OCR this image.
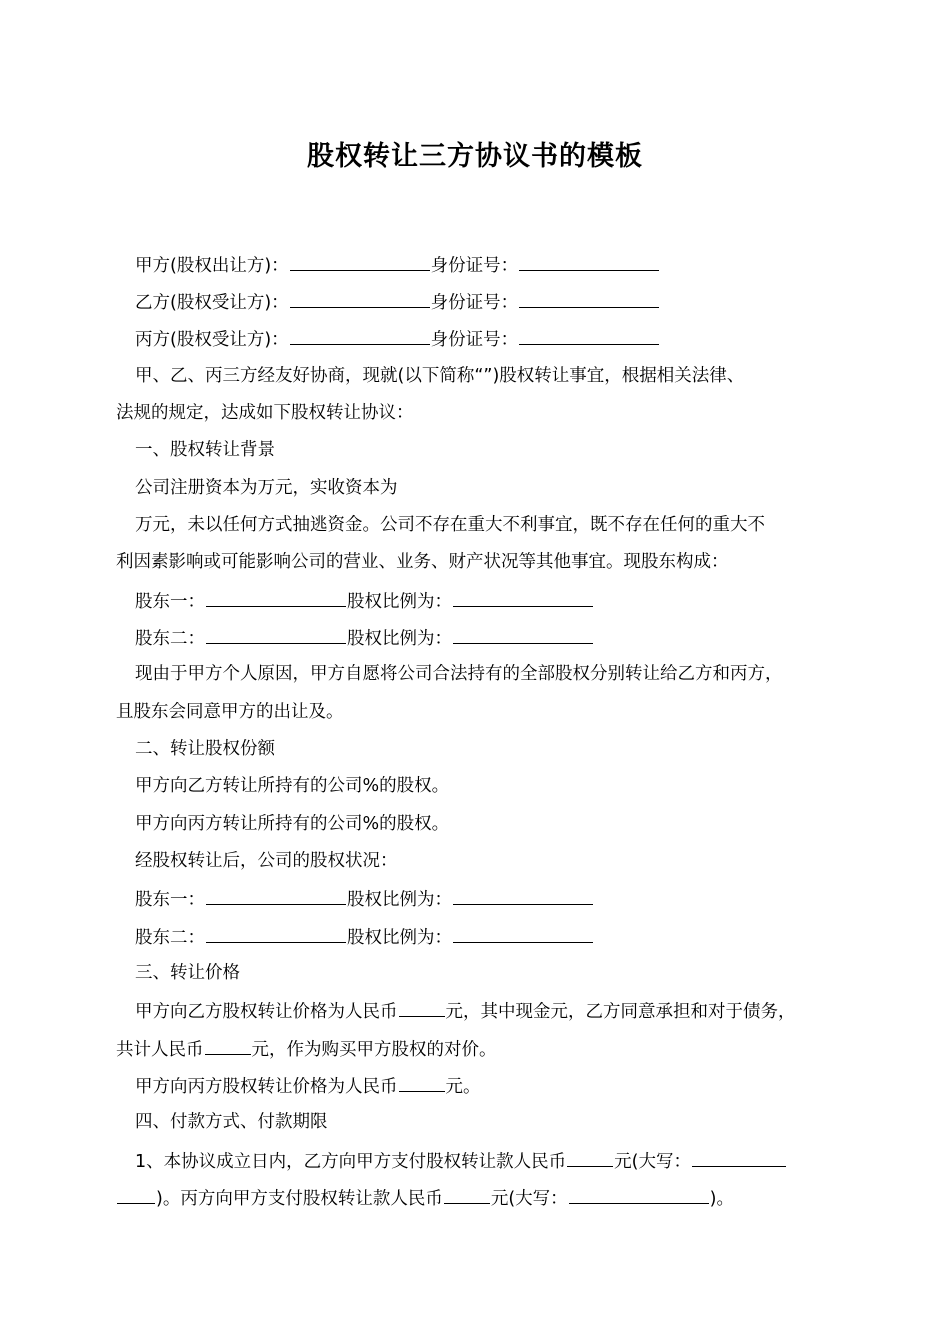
股权转让三方协议书的模板
甲方(股权出让方)：	身份证号：
乙方(股权受让方)：	身份证号：
丙方(股权受让方)：	身份证号：
甲、乙、丙三方经友好协商，现就(以下简称“”)股权转让事宜，根据相关法律、
法规的规定，达成如下股权转让协议：
一、股权转让背景
公司注册资本为万元，实收资本为
万元，未以任何方式抽逃资金。公司不存在重大不利事宜，既不存在任何的重大不
利因素影响或可能影响公司的营业、业务、财产状况等其他事宜。现股东构成：
股东一：	股权比例为：
股东二：	股权比例为：
现由于甲方个人原因，甲方自愿将公司合法持有的全部股权分别转让给乙方和丙方，
且股东会同意甲方的出让及。
二、转让股权份额
甲方向乙方转让所持有的公司%的股权。
甲方向丙方转让所持有的公司%的股权。
经股权转让后，公司的股权状况：
股东一：	股权比例为：
股东二：	股权比例为：
三、转让价格
甲方向乙方股权转让价格为人民币	元，其中现金元，乙方同意承担和对于债务，
共计人民币	元，作为购买甲方股权的对价。
甲方向丙方股权转让价格为人民币	元。
四、付款方式、付款期限
1、本协议成立日内，乙方向甲方支付股权转让款人民币	元(大写：
)。丙方向甲方支付股权转让款人民币	元(大写：	)。
